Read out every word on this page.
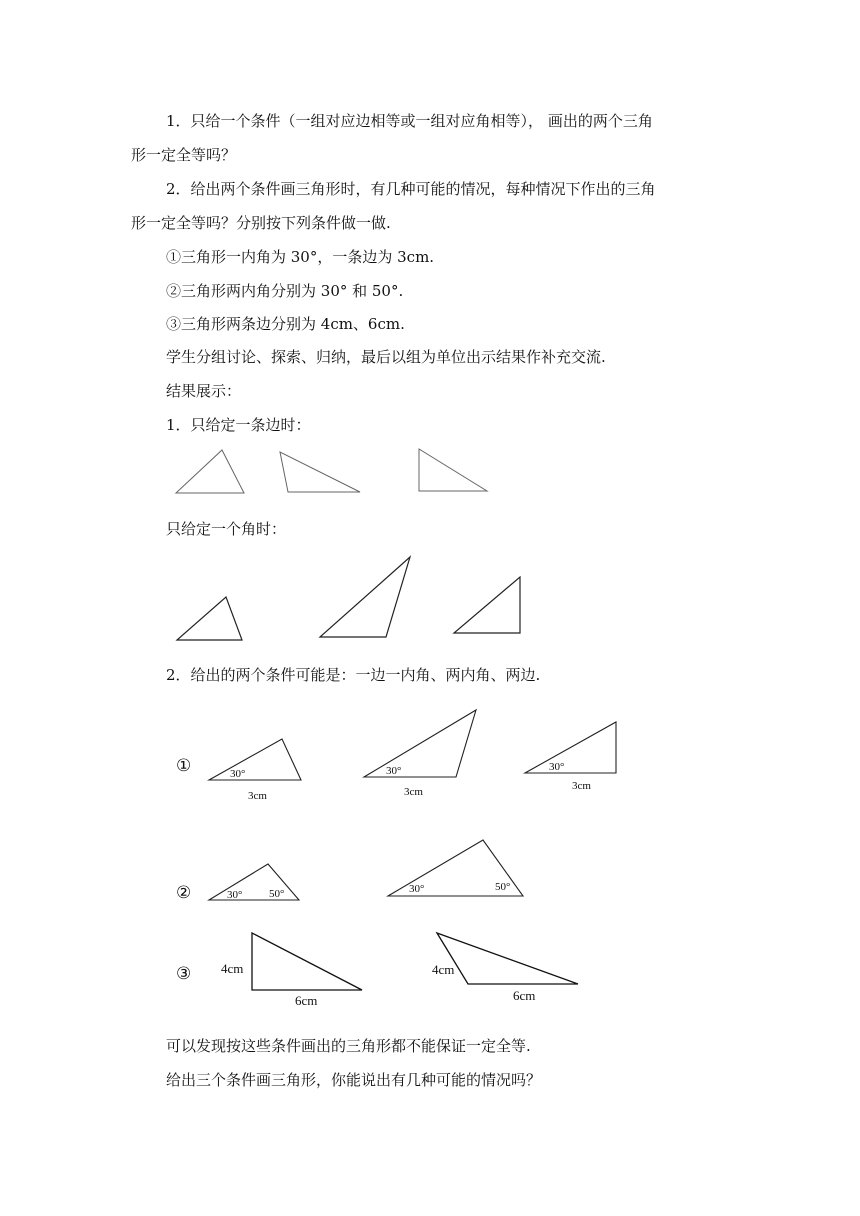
1．只给一个条件（一组对应边相等或一组对应角相等）， 画出的两个三角
形一定全等吗？
2．给出两个条件画三角形时，有几种可能的情况，每种情况下作出的三角
形一定全等吗？分别按下列条件做一做.
①三角形一内角为 30°，一条边为 3cm.
②三角形两内角分别为 30° 和 50°.
③三角形两条边分别为 4cm、6cm.
学生分组讨论、探索、归纳，最后以组为单位出示结果作补充交流.
结果展示：
1．只给定一条边时：
只给定一个角时：
2．给出的两个条件可能是：一边一内角、两内角、两边.
可以发现按这些条件画出的三角形都不能保证一定全等.
给出三个条件画三角形，你能说出有几种可能的情况吗？
①
②
③
30°
3cm
30°
3cm
30°
3cm
30° 50°	30°	50°
4cm
6cm
4cm
6cm
